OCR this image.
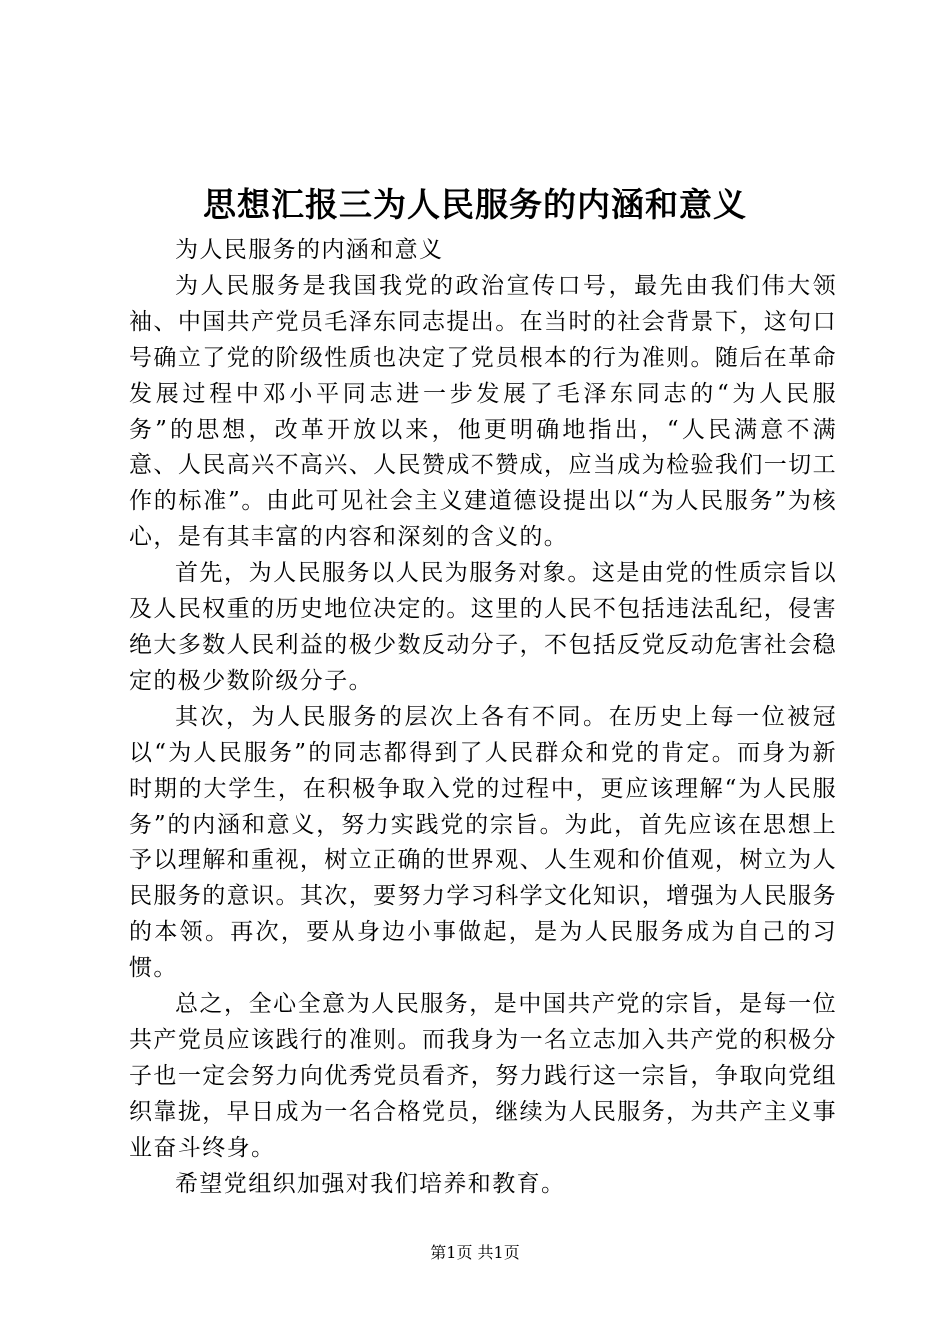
思想汇报三为人民服务的内涵和意义

为人民服务的内涵和意义

为人民服务是我国我党的政治宣传口号，最先由我们伟大领袖、中国共产党员毛泽东同志提出。在当时的社会背景下，这句口号确立了党的阶级性质也决定了党员根本的行为准则。随后在革命发展过程中邓小平同志进一步发展了毛泽东同志的“为人民服务”的思想，改革开放以来，他更明确地指出，“人民满意不满意、人民高兴不高兴、人民赞成不赞成，应当成为检验我们一切工作的标准”。由此可见社会主义建道德设提出以“为人民服务”为核心，是有其丰富的内容和深刻的含义的。

首先，为人民服务以人民为服务对象。这是由党的性质宗旨以及人民权重的历史地位决定的。这里的人民不包括违法乱纪，侵害绝大多数人民利益的极少数反动分子，不包括反党反动危害社会稳定的极少数阶级分子。

其次，为人民服务的层次上各有不同。在历史上每一位被冠以“为人民服务”的同志都得到了人民群众和党的肯定。而身为新时期的大学生，在积极争取入党的过程中，更应该理解“为人民服务”的内涵和意义，努力实践党的宗旨。为此，首先应该在思想上予以理解和重视，树立正确的世界观、人生观和价值观，树立为人民服务的意识。其次，要努力学习科学文化知识，增强为人民服务的本领。再次，要从身边小事做起，是为人民服务成为自己的习惯。

总之，全心全意为人民服务，是中国共产党的宗旨，是每一位共产党员应该践行的准则。而我身为一名立志加入共产党的积极分子也一定会努力向优秀党员看齐，努力践行这一宗旨，争取向党组织靠拢，早日成为一名合格党员，继续为人民服务，为共产主义事业奋斗终身。

希望党组织加强对我们培养和教育。

第1页 共1页
